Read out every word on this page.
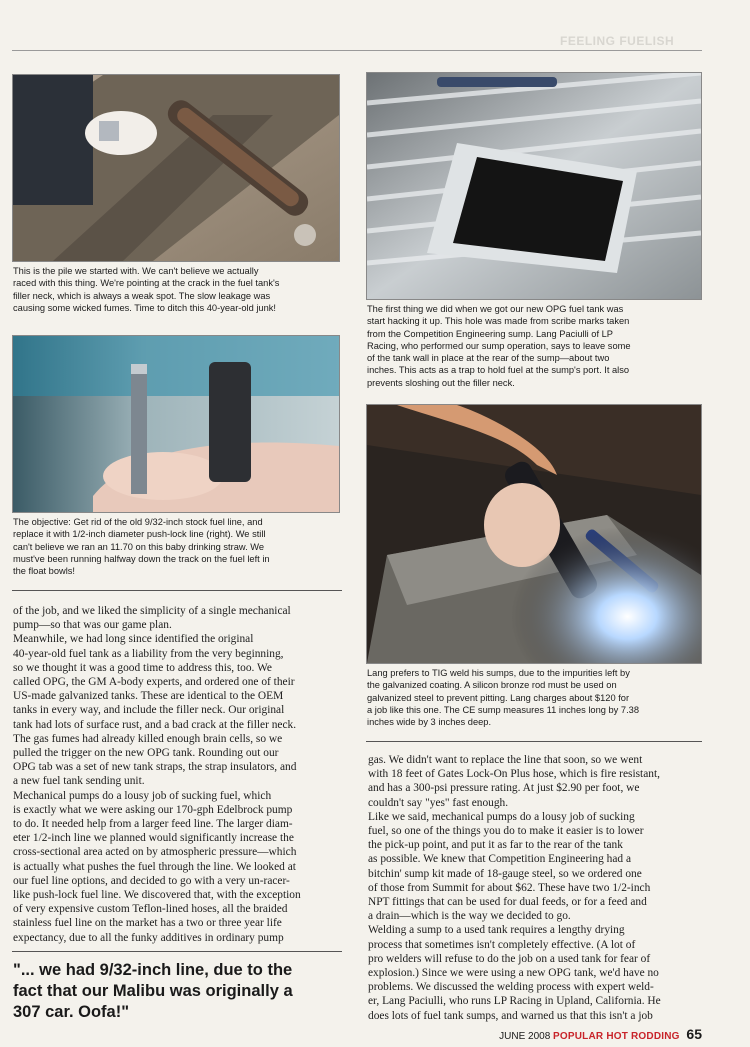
FEELING FUELISH
This is the pile we started with. We can't believe we actually
raced with this thing. We're pointing at the crack in the fuel tank's
filler neck, which is always a weak spot. The slow leakage was
causing some wicked fumes. Time to ditch this 40-year-old junk!
The objective: Get rid of the old 9/32-inch stock fuel line, and
replace it with 1/2-inch diameter push-lock line (right). We still
can't believe we ran an 11.70 on this baby drinking straw. We
must've been running halfway down the track on the fuel left in
the float bowls!
The first thing we did when we got our new OPG fuel tank was
start hacking it up. This hole was made from scribe marks taken
from the Competition Engineering sump. Lang Paciulli of LP
Racing, who performed our sump operation, says to leave some
of the tank wall in place at the rear of the sump—about two
inches. This acts as a trap to hold fuel at the sump's port. It also
prevents sloshing out the filler neck.
Lang prefers to TIG weld his sumps, due to the impurities left by
the galvanized coating. A silicon bronze rod must be used on
galvanized steel to prevent pitting. Lang charges about $120 for
a job like this one. The CE sump measures 11 inches long by 7.38
inches wide by 3 inches deep.
of the job, and we liked the simplicity of a single mechanical
pump—so that was our game plan.
Meanwhile, we had long since identified the original
40-year-old fuel tank as a liability from the very beginning,
so we thought it was a good time to address this, too. We
called OPG, the GM A-body experts, and ordered one of their
US-made galvanized tanks. These are identical to the OEM
tanks in every way, and include the filler neck. Our original
tank had lots of surface rust, and a bad crack at the filler neck.
The gas fumes had already killed enough brain cells, so we
pulled the trigger on the new OPG tank. Rounding out our
OPG tab was a set of new tank straps, the strap insulators, and
a new fuel tank sending unit.
Mechanical pumps do a lousy job of sucking fuel, which
is exactly what we were asking our 170-gph Edelbrock pump
to do. It needed help from a larger feed line. The larger diam-
eter 1/2-inch line we planned would significantly increase the
cross-sectional area acted on by atmospheric pressure—which
is actually what pushes the fuel through the line. We looked at
our fuel line options, and decided to go with a very un-racer-
like push-lock fuel line. We discovered that, with the exception
of very expensive custom Teflon-lined hoses, all the braided
stainless fuel line on the market has a two or three year life
expectancy, due to all the funky additives in ordinary pump
"... we had 9/32-inch line, due to the
fact that our Malibu was originally a
307 car. Oofa!"
gas. We didn't want to replace the line that soon, so we went
with 18 feet of Gates Lock-On Plus hose, which is fire resistant,
and has a 300-psi pressure rating. At just $2.90 per foot, we
couldn't say "yes" fast enough.
Like we said, mechanical pumps do a lousy job of sucking
fuel, so one of the things you do to make it easier is to lower
the pick-up point, and put it as far to the rear of the tank
as possible. We knew that Competition Engineering had a
bitchin' sump kit made of 18-gauge steel, so we ordered one
of those from Summit for about $62. These have two 1/2-inch
NPT fittings that can be used for dual feeds, or for a feed and
a drain—which is the way we decided to go.
Welding a sump to a used tank requires a lengthy drying
process that sometimes isn't completely effective. (A lot of
pro welders will refuse to do the job on a used tank for fear of
explosion.) Since we were using a new OPG tank, we'd have no
problems. We discussed the welding process with expert weld-
er, Lang Paciulli, who runs LP Racing in Upland, California. He
does lots of fuel tank sumps, and warned us that this isn't a job
JUNE 2008 POPULAR HOT RODDING 65
